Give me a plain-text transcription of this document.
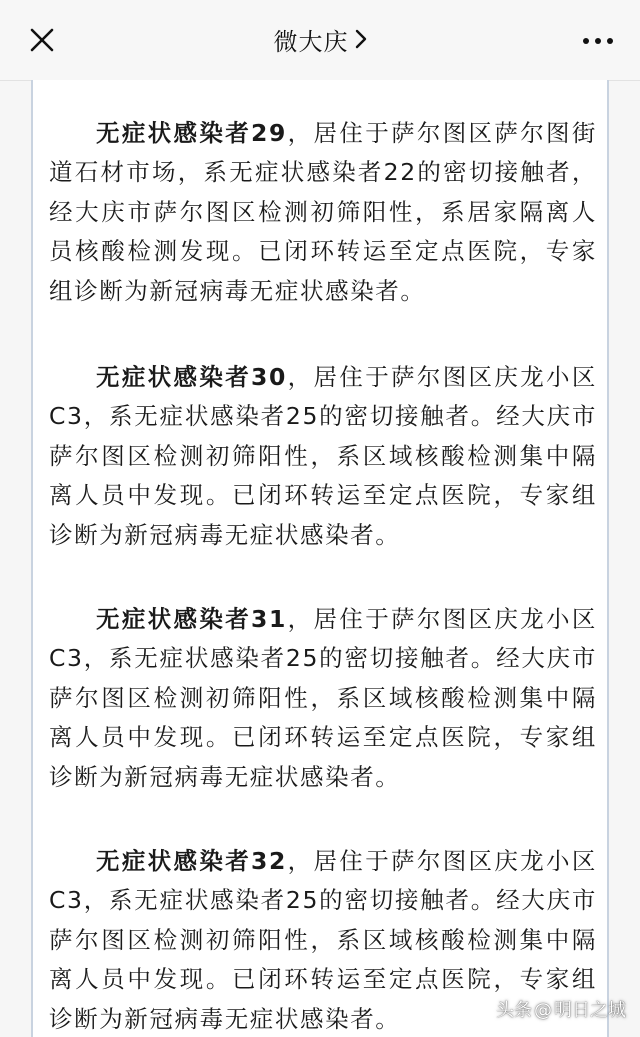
微大庆

无症状感染者29，居住于萨尔图区萨尔图街道石材市场，系无症状感染者22的密切接触者，经大庆市萨尔图区检测初筛阳性，系居家隔离人员核酸检测发现。已闭环转运至定点医院，专家组诊断为新冠病毒无症状感染者。

无症状感染者30，居住于萨尔图区庆龙小区C3，系无症状感染者25的密切接触者。经大庆市萨尔图区检测初筛阳性，系区域核酸检测集中隔离人员中发现。已闭环转运至定点医院，专家组诊断为新冠病毒无症状感染者。

无症状感染者31，居住于萨尔图区庆龙小区C3，系无症状感染者25的密切接触者。经大庆市萨尔图区检测初筛阳性，系区域核酸检测集中隔离人员中发现。已闭环转运至定点医院，专家组诊断为新冠病毒无症状感染者。

无症状感染者32，居住于萨尔图区庆龙小区C3，系无症状感染者25的密切接触者。经大庆市萨尔图区检测初筛阳性，系区域核酸检测集中隔离人员中发现。已闭环转运至定点医院，专家组诊断为新冠病毒无症状感染者。	头条 @ 明日之城
